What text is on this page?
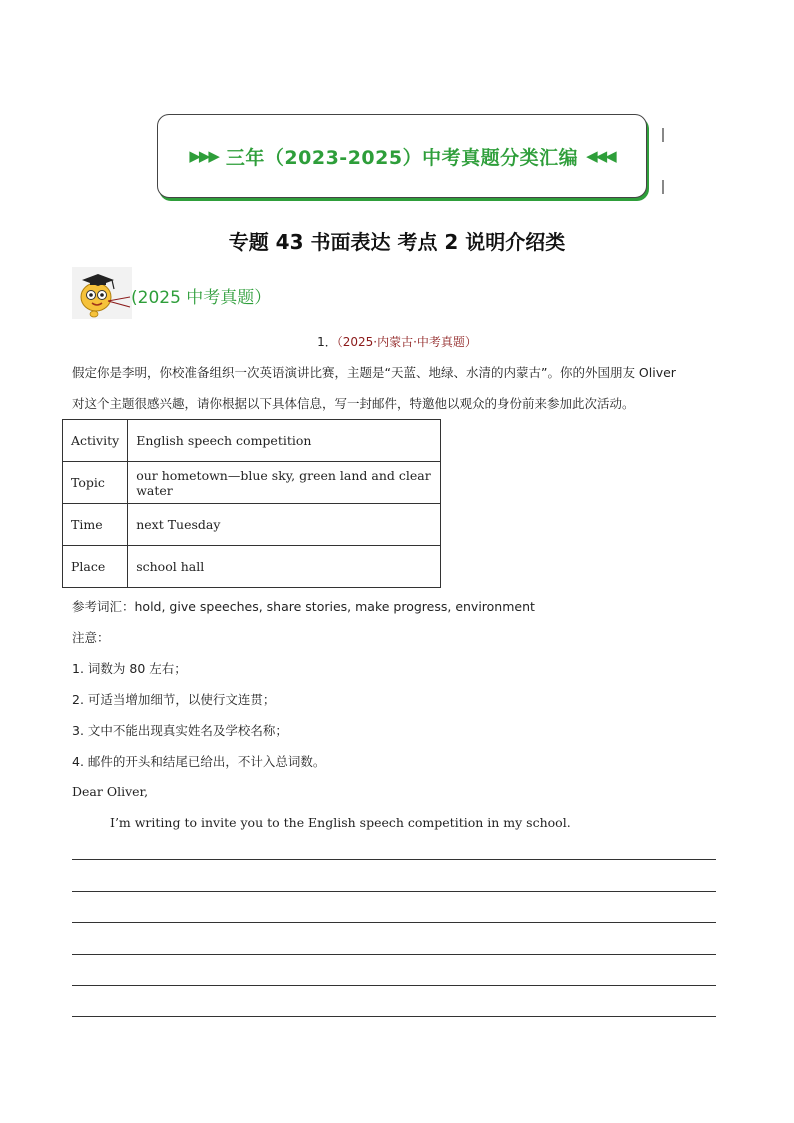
▶▶▶ 三年（2023-2025）中考真题分类汇编 ◀◀◀
专题 43 书面表达 考点 2 说明介绍类
(2025 中考真题）
1．（2025·内蒙古·中考真题）

假定你是李明，你校准备组织一次英语演讲比赛，主题是“天蓝、地绿、水清的内蒙古”。你的外国朋友 Oliver

对这个主题很感兴趣，请你根据以下具体信息，写一封邮件，特邀他以观众的身份前来参加此次活动。

Activity	English speech competition
Topic	our hometown—blue sky, green land and clear water
Time	next Tuesday
Place	school hall
参考词汇：hold, give speeches, share stories, make progress, environment
注意：
1. 词数为 80 左右；
2. 可适当增加细节，以使行文连贯；
3. 文中不能出现真实姓名及学校名称；
4. 邮件的开头和结尾已给出，不计入总词数。
Dear Oliver,
I’m writing to invite you to the English speech competition in my school.
